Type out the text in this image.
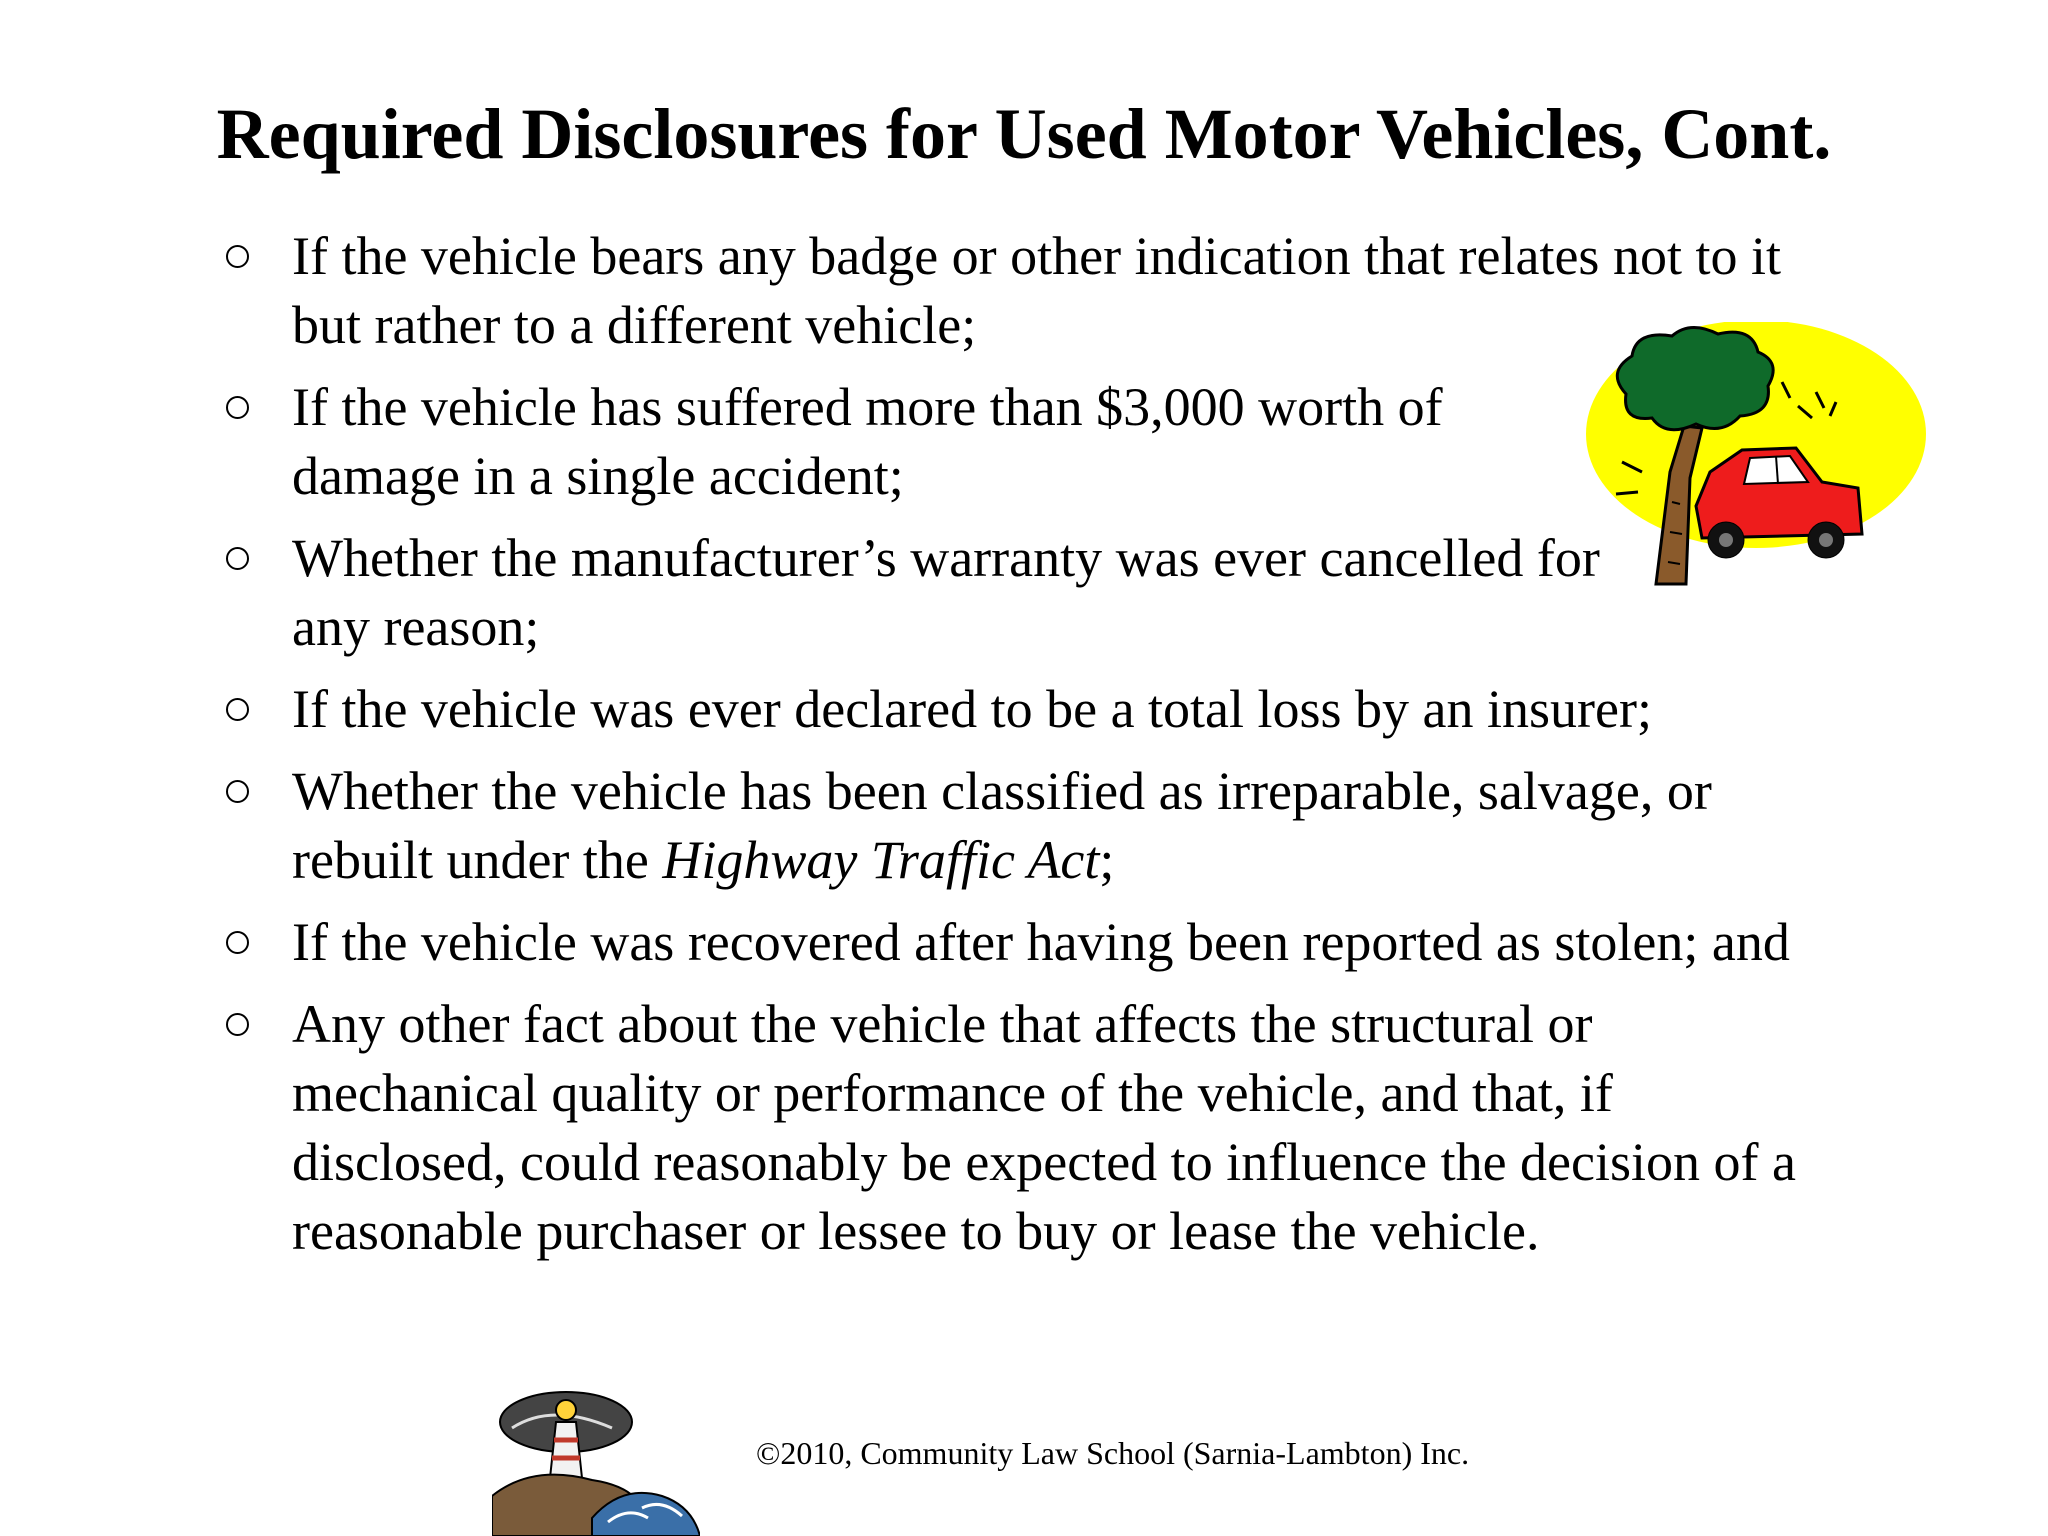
Required Disclosures for Used Motor Vehicles, Cont.
If the vehicle bears any badge or other indication that relates not to it but rather to a different vehicle;
If the vehicle has suffered more than $3,000 worth of damage in a single accident;
Whether the manufacturer’s warranty was ever cancelled for any reason;
If the vehicle was ever declared to be a total loss by an insurer;
Whether the vehicle has been classified as irreparable, salvage, or rebuilt under the Highway Traffic Act;
If the vehicle was recovered after having been reported as stolen; and
Any other fact about the vehicle that affects the structural or mechanical quality or performance of the vehicle, and that, if disclosed, could reasonably be expected to influence the decision of a reasonable purchaser or lessee to buy or lease the vehicle.
©2010, Community Law School (Sarnia-Lambton) Inc.
